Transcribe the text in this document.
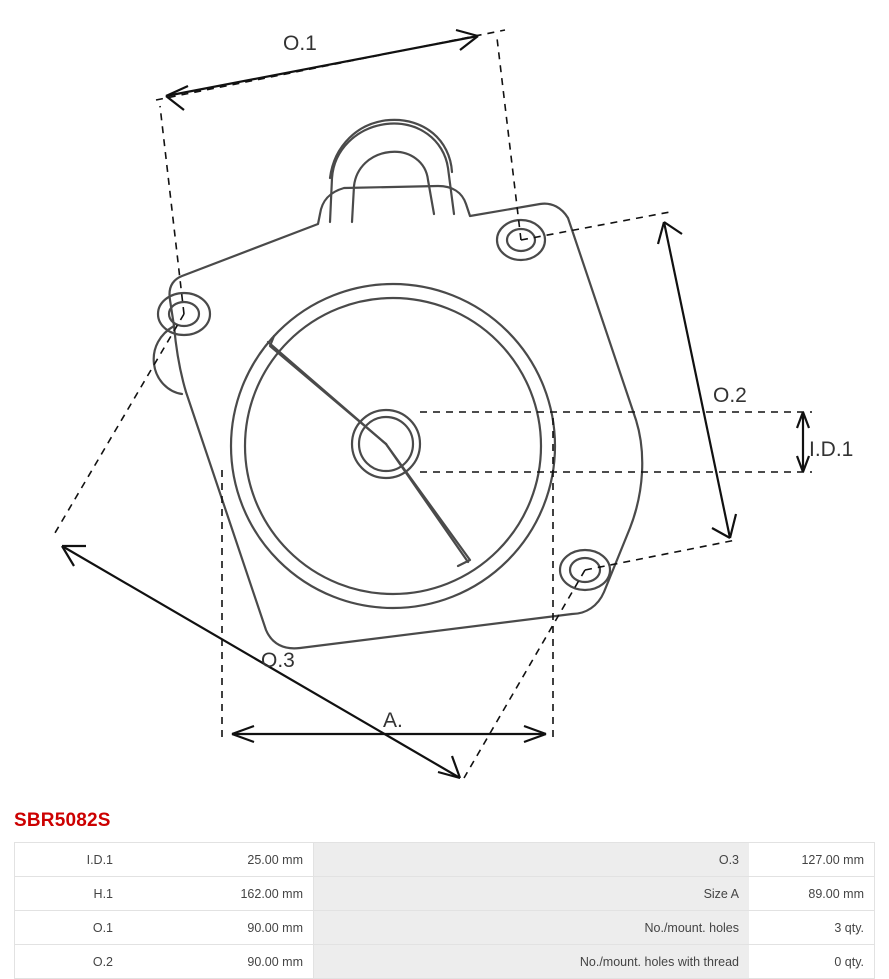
O.1
O.2
O.3
I.D.1
A.
SBR5082S
I.D.1	25.00 mm	O.3	127.00 mm
H.1	162.00 mm	Size A	89.00 mm
O.1	90.00 mm	No./mount. holes	3 qty.
O.2	90.00 mm	No./mount. holes with thread	0 qty.
